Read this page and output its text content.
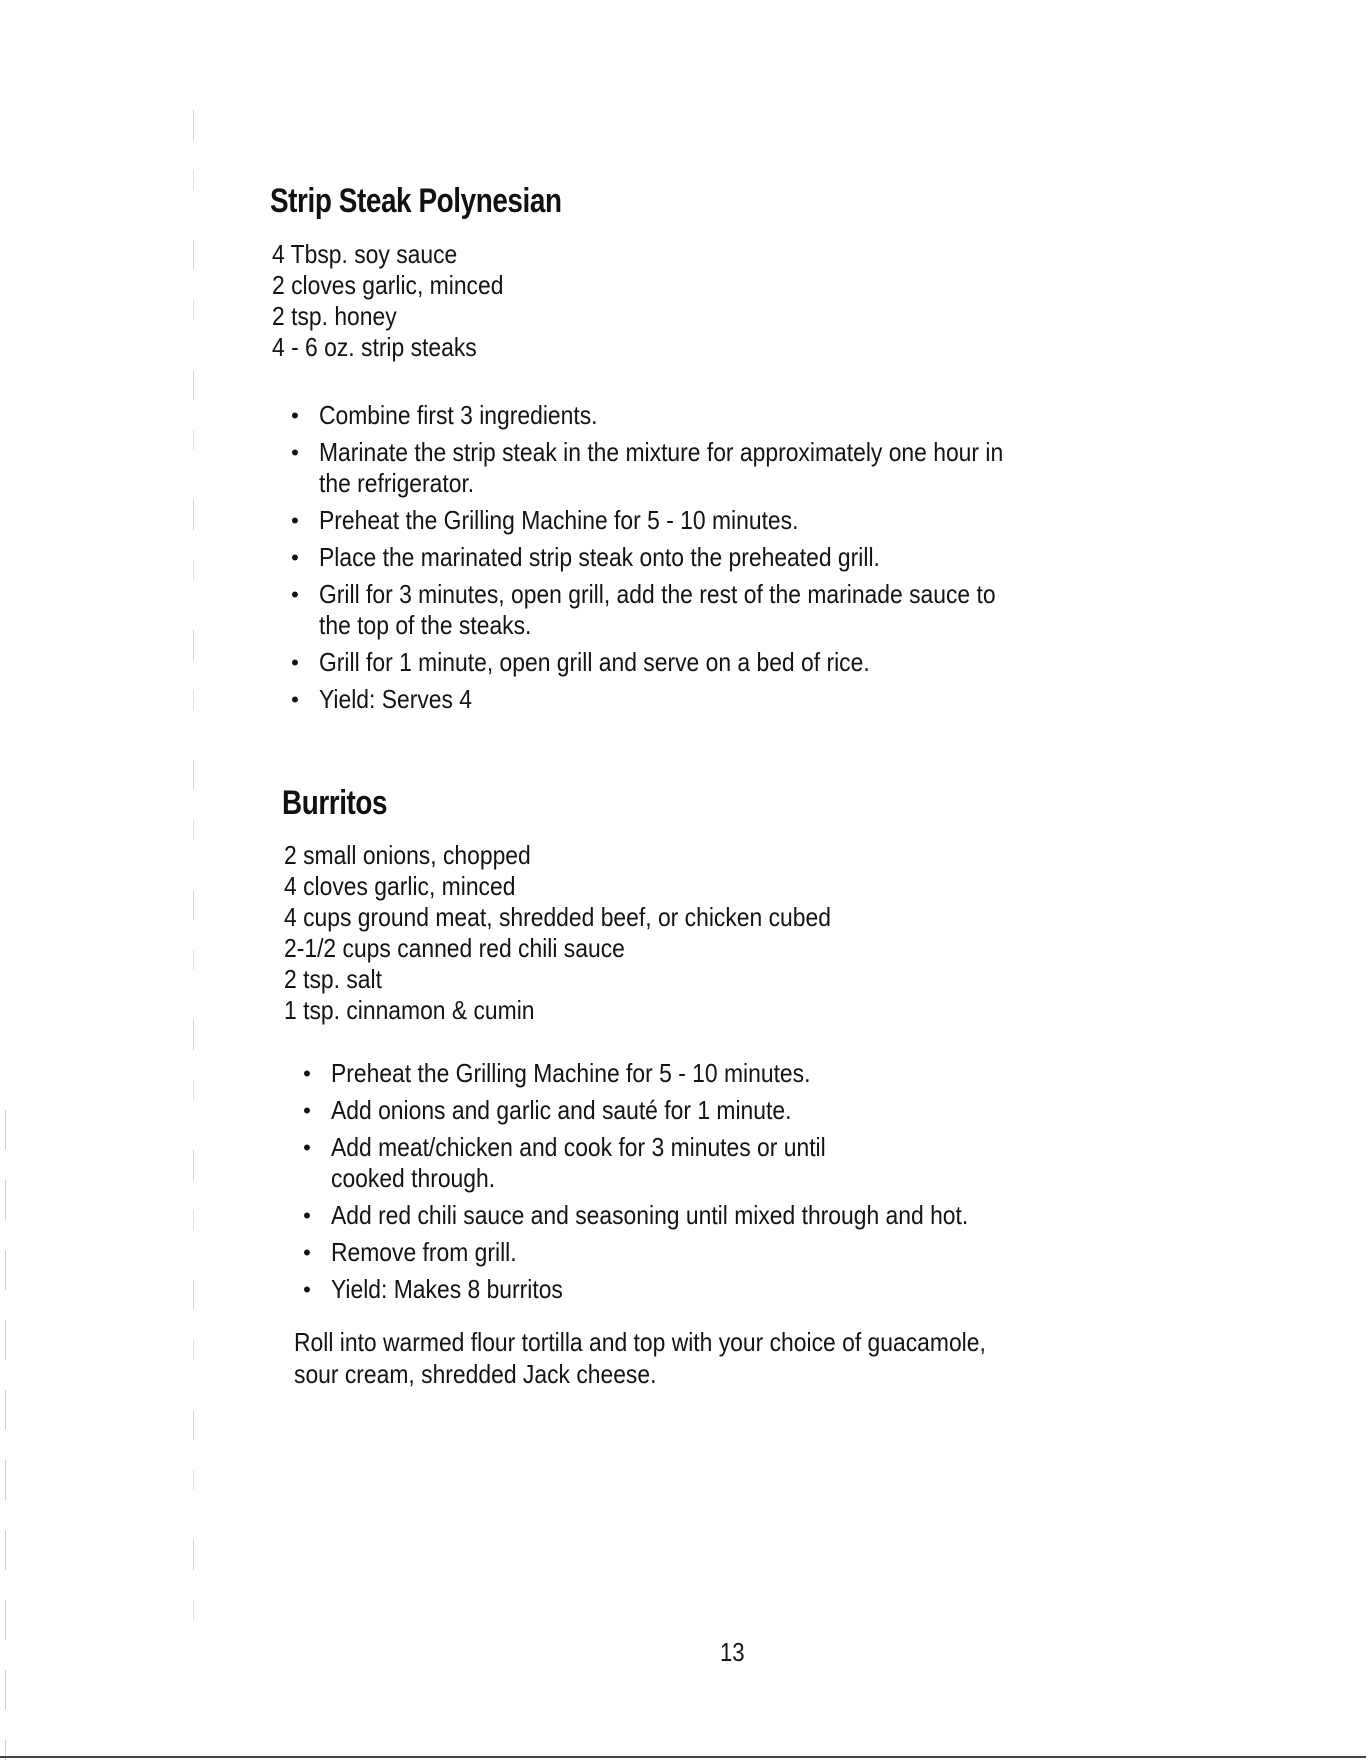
Strip Steak Polynesian
4 Tbsp. soy sauce
2 cloves garlic, minced
2 tsp. honey
4 - 6 oz. strip steaks
• Combine first 3 ingredients.
• Marinate the strip steak in the mixture for approximately one hour in
the refrigerator.
• Preheat the Grilling Machine for 5 - 10 minutes.
• Place the marinated strip steak onto the preheated grill.
• Grill for 3 minutes, open grill, add the rest of the marinade sauce to
the top of the steaks.
• Grill for 1 minute, open grill and serve on a bed of rice.
• Yield: Serves 4
Burritos
2 small onions, chopped
4 cloves garlic, minced
4 cups ground meat, shredded beef, or chicken cubed
2-1/2 cups canned red chili sauce
2 tsp. salt
1 tsp. cinnamon & cumin
• Preheat the Grilling Machine for 5 - 10 minutes.
• Add onions and garlic and sauté for 1 minute.
• Add meat/chicken and cook for 3 minutes or until
cooked through.
• Add red chili sauce and seasoning until mixed through and hot.
• Remove from grill.
• Yield: Makes 8 burritos
Roll into warmed flour tortilla and top with your choice of guacamole,
sour cream, shredded Jack cheese.
13
